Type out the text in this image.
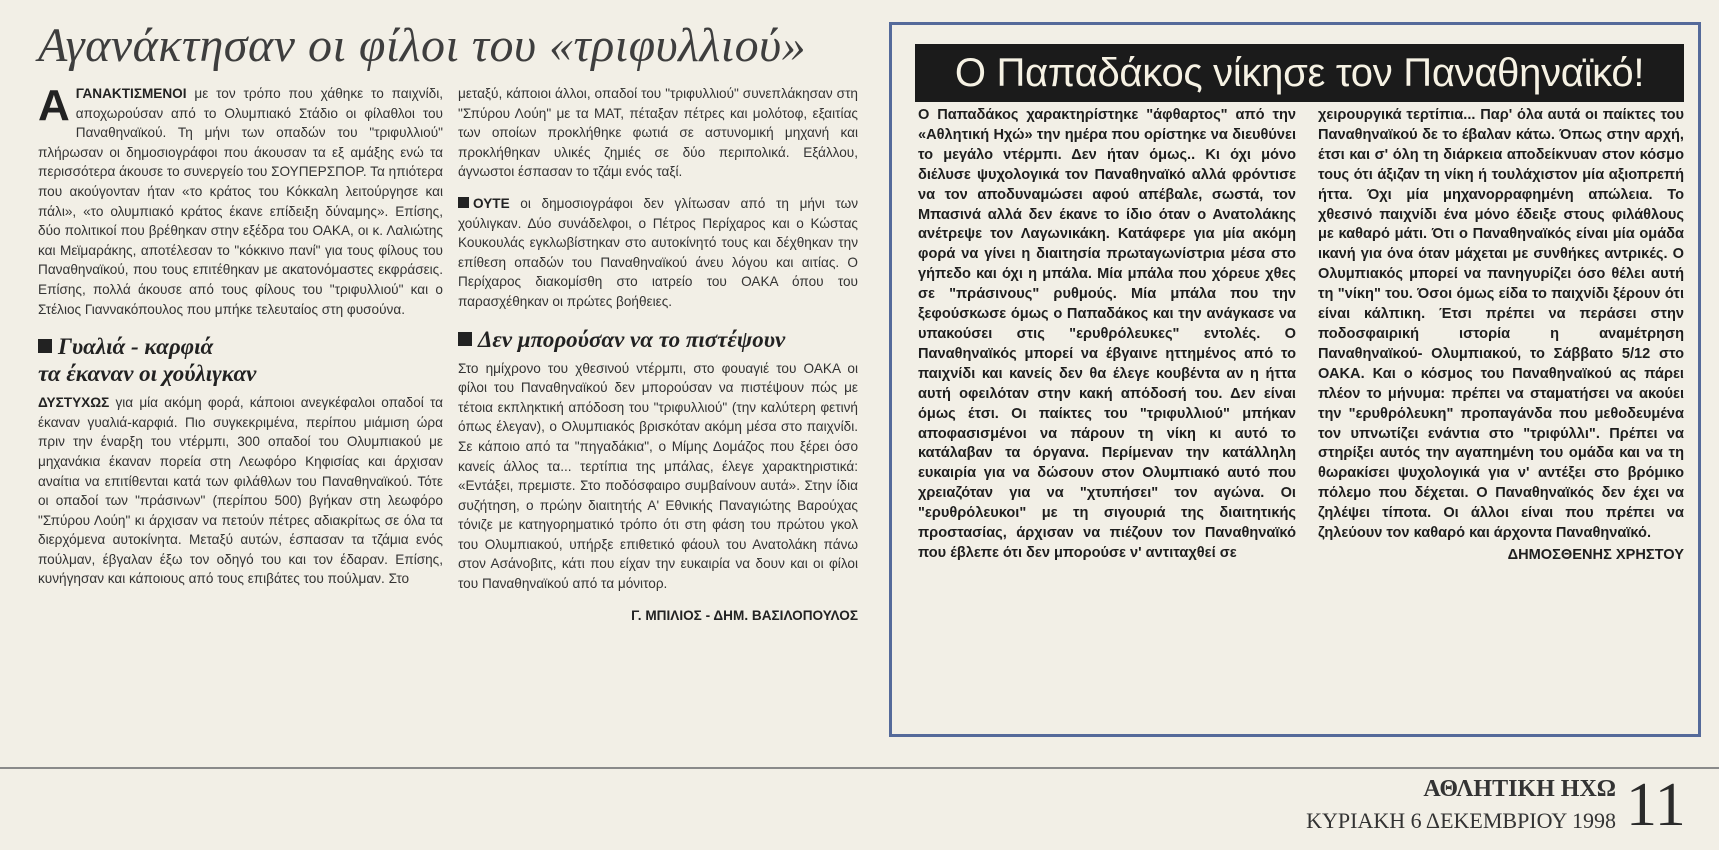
Αγανάκτησαν οι φίλοι του «τριφυλλιού»

ΑΓΑΝΑΚΤΙΣΜΕΝΟΙ με τον τρόπο που χάθηκε το παιχνίδι, αποχωρούσαν από το Ολυμπιακό Στάδιο οι φίλαθλοι του Παναθηναϊκού. Τη μήνι των οπαδών του "τριφυλλιού" πλήρωσαν οι δημοσιογράφοι που άκουσαν τα εξ αμάξης ενώ τα περισσότερα άκουσε το συνεργείο του ΣΟΥΠΕΡΣΠΟΡ. Τα ηπιότερα που ακούγονταν ήταν «το κράτος του Κόκκαλη λειτούργησε και πάλι», «το ολυμπιακό κράτος έκανε επίδειξη δύναμης». Επίσης, δύο πολιτικοί που βρέθηκαν στην εξέδρα του ΟΑΚΑ, οι κ. Λαλιώτης και Μεϊμαράκης, αποτέλεσαν το "κόκκινο πανί" για τους φίλους του Παναθηναϊκού, που τους επιτέθηκαν με ακατονόμαστες εκφράσεις. Επίσης, πολλά άκουσε από τους φίλους του "τριφυλλιού" και ο Στέλιος Γιαννακόπουλος που μπήκε τελευταίος στη φυσούνα.

Γυαλιά - καρφιά
τα έκαναν οι χούλιγκαν

ΔΥΣΤΥΧΩΣ για μία ακόμη φορά, κάποιοι ανεγκέφαλοι οπαδοί τα έκαναν γυαλιά-καρφιά. Πιο συγκεκριμένα, περίπου μιάμιση ώρα πριν την έναρξη του ντέρμπι, 300 οπαδοί του Ολυμπιακού με μηχανάκια έκαναν πορεία στη Λεωφόρο Κηφισίας και άρχισαν αναίτια να επιτίθενται κατά των φιλάθλων του Παναθηναϊκού. Τότε οι οπαδοί των "πράσινων" (περίπου 500) βγήκαν στη λεωφόρο "Σπύρου Λούη" κι άρχισαν να πετούν πέτρες αδιακρίτως σε όλα τα διερχόμενα αυτοκίνητα. Μεταξύ αυτών, έσπασαν τα τζάμια ενός πούλμαν, έβγαλαν έξω τον οδηγό του και τον έδαραν. Επίσης, κυνήγησαν και κάποιους από τους επιβάτες του πούλμαν. Στο

μεταξύ, κάποιοι άλλοι, οπαδοί του "τριφυλλιού" συνεπλάκησαν στη "Σπύρου Λούη" με τα ΜΑΤ, πέταξαν πέτρες και μολότοφ, εξαιτίας των οποίων προκλήθηκε φωτιά σε αστυνομική μηχανή και προκλήθηκαν υλικές ζημιές σε δύο περιπολικά. Εξάλλου, άγνωστοι έσπασαν το τζάμι ενός ταξί.

ΟΥΤΕ οι δημοσιογράφοι δεν γλίτωσαν από τη μήνι των χούλιγκαν. Δύο συνάδελφοι, ο Πέτρος Περίχαρος και ο Κώστας Κουκουλάς εγκλωβίστηκαν στο αυτοκίνητό τους και δέχθηκαν την επίθεση οπαδών του Παναθηναϊκού άνευ λόγου και αιτίας. Ο Περίχαρος διακομίσθη στο ιατρείο του ΟΑΚΑ όπου του παρασχέθηκαν οι πρώτες βοήθειες.

Δεν μπορούσαν να το πιστέψουν

Στο ημίχρονο του χθεσινού ντέρμπι, στο φουαγιέ του ΟΑΚΑ οι φίλοι του Παναθηναϊκού δεν μπορούσαν να πιστέψουν πώς με τέτοια εκπληκτική απόδοση του "τριφυλλιού" (την καλύτερη φετινή όπως έλεγαν), ο Ολυμπιακός βρισκόταν ακόμη μέσα στο παιχνίδι. Σε κάποιο από τα "πηγαδάκια", ο Μίμης Δομάζος που ξέρει όσο κανείς άλλος τα... τερτίπια της μπάλας, έλεγε χαρακτηριστικά: «Εντάξει, πρεμιστε. Στο ποδόσφαιρο συμβαίνουν αυτά». Στην ίδια συζήτηση, ο πρώην διαιτητής Α' Εθνικής Παναγιώτης Βαρούχας τόνιζε με κατηγορηματικό τρόπο ότι στη φάση του πρώτου γκολ του Ολυμπιακού, υπήρξε επιθετικό φάουλ του Ανατολάκη πάνω στον Ασάνοβιτς, κάτι που είχαν την ευκαιρία να δουν και οι φίλοι του Παναθηναϊκού από τα μόνιτορ.

Γ. ΜΠΙΛΙΟΣ - ΔΗΜ. ΒΑΣΙΛΟΠΟΥΛΟΣ
Ο Παπαδάκος νίκησε τον Παναθηναϊκό!
Ο Παπαδάκος χαρακτηρίστηκε "άφθαρτος" από την «Αθλητική Ηχώ» την ημέρα που ορίστηκε να διευθύνει το μεγάλο ντέρμπι. Δεν ήταν όμως.. Κι όχι μόνο διέλυσε ψυχολογικά τον Παναθηναϊκό αλλά φρόντισε να τον αποδυναμώσει αφού απέβαλε, σωστά, τον Μπασινά αλλά δεν έκανε το ίδιο όταν ο Ανατολάκης ανέτρεψε τον Λαγωνικάκη. Κατάφερε για μία ακόμη φορά να γίνει η διαιτησία πρωταγωνίστρια μέσα στο γήπεδο και όχι η μπάλα. Μία μπάλα που χόρευε χθες σε "πράσινους" ρυθμούς. Μία μπάλα που την ξεφούσκωσε όμως ο Παπαδάκος και την ανάγκασε να υπακούσει στις "ερυθρόλευκες" εντολές. Ο Παναθηναϊκός μπορεί να έβγαινε ηττημένος από το παιχνίδι και κανείς δεν θα έλεγε κουβέντα αν η ήττα αυτή οφειλόταν στην κακή απόδοσή του. Δεν είναι όμως έτσι. Οι παίκτες του "τριφυλλιού" μπήκαν αποφασισμένοι να πάρουν τη νίκη κι αυτό το κατάλαβαν τα όργανα. Περίμεναν την κατάλληλη ευκαιρία για να δώσουν στον Ολυμπιακό αυτό που χρειαζόταν για να "χτυπήσει" τον αγώνα. Οι "ερυθρόλευκοι" με τη σιγουριά της διαιτητικής προστασίας, άρχισαν να πιέζουν τον Παναθηναϊκό που έβλεπε ότι δεν μπορούσε ν' αντιταχθεί σε
χειρουργικά τερτίπια... Παρ' όλα αυτά οι παίκτες του Παναθηναϊκού δε το έβαλαν κάτω. Όπως στην αρχή, έτσι και σ' όλη τη διάρκεια αποδείκνυαν στον κόσμο τους ότι άξιζαν τη νίκη ή τουλάχιστον μία αξιοπρεπή ήττα. Όχι μία μηχανορραφημένη απώλεια. Το χθεσινό παιχνίδι ένα μόνο έδειξε στους φιλάθλους με καθαρό μάτι. Ότι ο Παναθηναϊκός είναι μία ομάδα ικανή για όνα όταν μάχεται με συνθήκες αντρικές. Ο Ολυμπιακός μπορεί να πανηγυρίζει όσο θέλει αυτή τη "νίκη" του. Όσοι όμως είδα το παιχνίδι ξέρουν ότι είναι κάλπικη. Έτσι πρέπει να περάσει στην ποδοσφαιρική ιστορία η αναμέτρηση Παναθηναϊκού- Ολυμπιακού, το Σάββατο 5/12 στο ΟΑΚΑ. Και ο κόσμος του Παναθηναϊκού ας πάρει πλέον το μήνυμα: πρέπει να σταματήσει να ακούει την "ερυθρόλευκη" προπαγάνδα που μεθοδευμένα τον υπνωτίζει ενάντια στο "τριφύλλι". Πρέπει να στηρίξει αυτός την αγαπημένη του ομάδα και να τη θωρακίσει ψυχολογικά για ν' αντέξει στο βρόμικο πόλεμο που δέχεται. Ο Παναθηναϊκός δεν έχει να ζηλέψει τίποτα. Οι άλλοι είναι που πρέπει να ζηλεύουν τον καθαρό και άρχοντα Παναθηναϊκό.
ΔΗΜΟΣΘΕΝΗΣ ΧΡΗΣΤΟΥ
ΑΘΛΗΤΙΚΗ ΗΧΩ
ΚΥΡΙΑΚΗ 6 ΔΕΚΕΜΒΡΙΟΥ 1998 11
